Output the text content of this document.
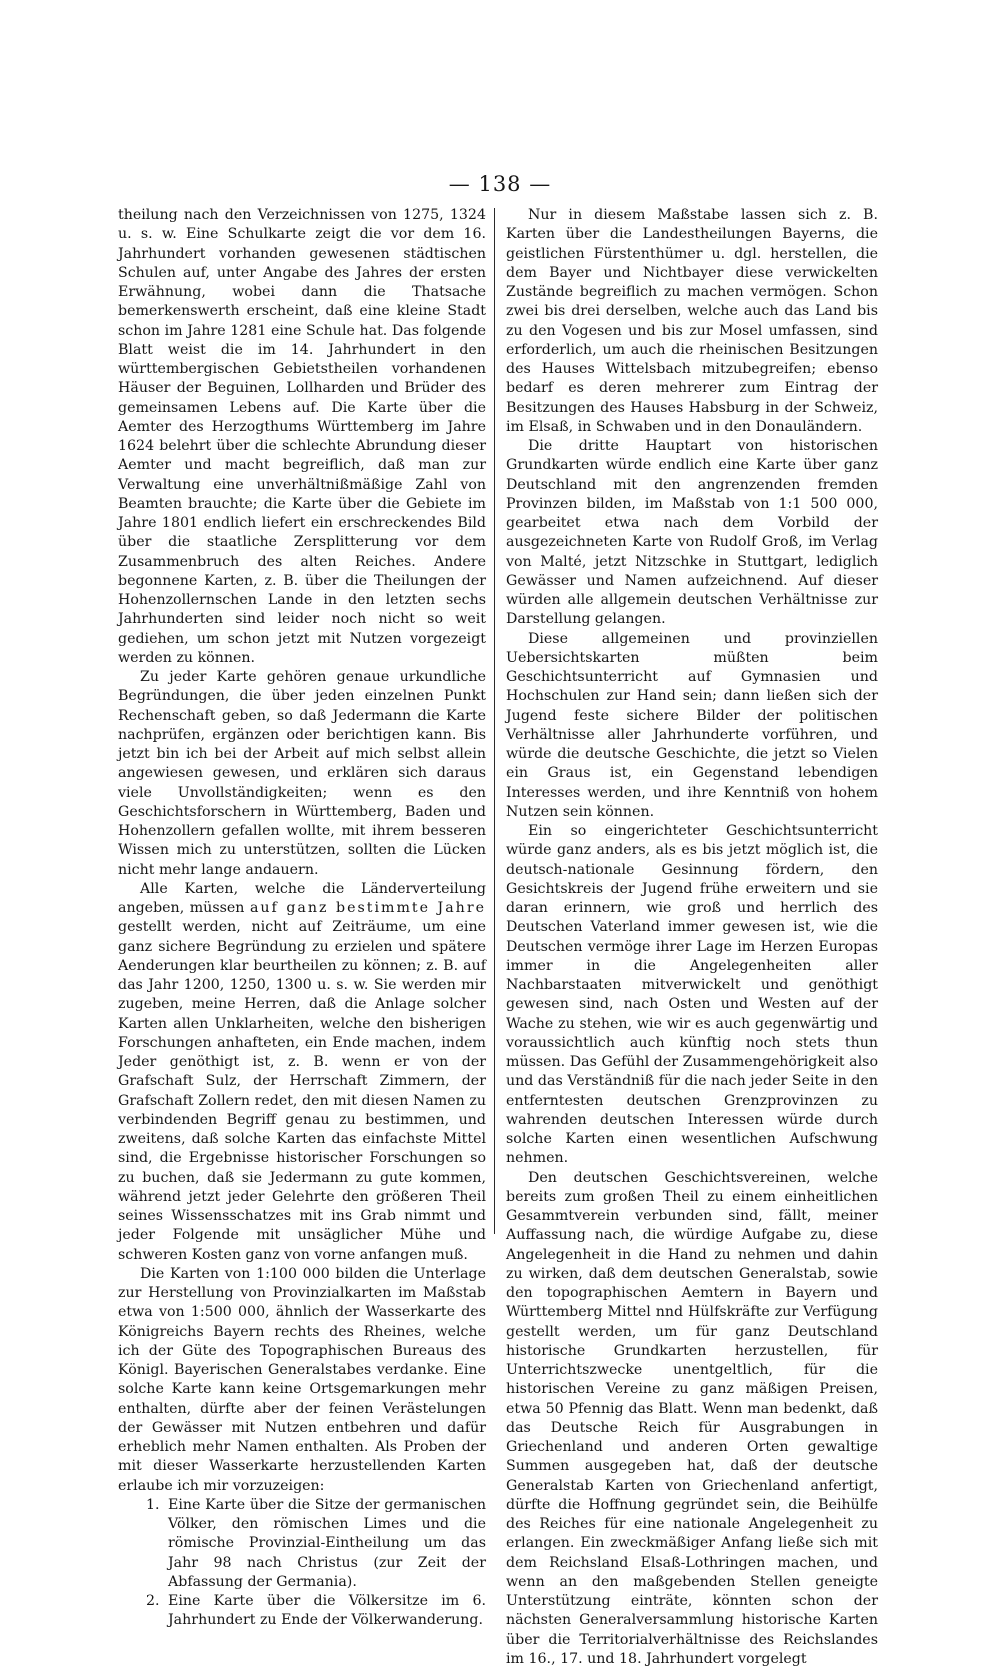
— 138 —

theilung nach den Verzeichnissen von 1275, 1324 u. s. w. Eine Schulkarte zeigt die vor dem 16. Jahrhundert vorhanden gewesenen städtischen Schulen auf, unter Angabe des Jahres der ersten Erwähnung, wobei dann die Thatsache bemerkenswerth erscheint, daß eine kleine Stadt schon im Jahre 1281 eine Schule hat. Das folgende Blatt weist die im 14. Jahrhundert in den württembergischen Gebietstheilen vorhandenen Häuser der Beguinen, Lollharden und Brüder des gemeinsamen Lebens auf. Die Karte über die Aemter des Herzogthums Württemberg im Jahre 1624 belehrt über die schlechte Abrundung dieser Aemter und macht begreiflich, daß man zur Verwaltung eine unverhältnißmäßige Zahl von Beamten brauchte; die Karte über die Gebiete im Jahre 1801 endlich liefert ein erschreckendes Bild über die staatliche Zersplitterung vor dem Zusammenbruch des alten Reiches. Andere begonnene Karten, z. B. über die Theilungen der Hohenzollernschen Lande in den letzten sechs Jahrhunderten sind leider noch nicht so weit gediehen, um schon jetzt mit Nutzen vorgezeigt werden zu können.

Zu jeder Karte gehören genaue urkundliche Begründungen, die über jeden einzelnen Punkt Rechenschaft geben, so daß Jedermann die Karte nachprüfen, ergänzen oder berichtigen kann. Bis jetzt bin ich bei der Arbeit auf mich selbst allein angewiesen gewesen, und erklären sich daraus viele Unvollständigkeiten; wenn es den Geschichtsforschern in Württemberg, Baden und Hohenzollern gefallen wollte, mit ihrem besseren Wissen mich zu unterstützen, sollten die Lücken nicht mehr lange andauern.

Alle Karten, welche die Länderverteilung angeben, müssen auf ganz bestimmte Jahre gestellt werden, nicht auf Zeiträume, um eine ganz sichere Begründung zu erzielen und spätere Aenderungen klar beurtheilen zu können; z. B. auf das Jahr 1200, 1250, 1300 u. s. w. Sie werden mir zugeben, meine Herren, daß die Anlage solcher Karten allen Unklarheiten, welche den bisherigen Forschungen anhafteten, ein Ende machen, indem Jeder genöthigt ist, z. B. wenn er von der Grafschaft Sulz, der Herrschaft Zimmern, der Grafschaft Zollern redet, den mit diesen Namen zu verbindenden Begriff genau zu bestimmen, und zweitens, daß solche Karten das einfachste Mittel sind, die Ergebnisse historischer Forschungen so zu buchen, daß sie Jedermann zu gute kommen, während jetzt jeder Gelehrte den größeren Theil seines Wissensschatzes mit ins Grab nimmt und jeder Folgende mit unsäglicher Mühe und schweren Kosten ganz von vorne anfangen muß.

Die Karten von 1:100 000 bilden die Unterlage zur Herstellung von Provinzialkarten im Maßstab etwa von 1:500 000, ähnlich der Wasserkarte des Königreichs Bayern rechts des Rheines, welche ich der Güte des Topographischen Bureaus des Königl. Bayerischen Generalstabes verdanke. Eine solche Karte kann keine Ortsgemarkungen mehr enthalten, dürfte aber der feinen Verästelungen der Gewässer mit Nutzen entbehren und dafür erheblich mehr Namen enthalten. Als Proben der mit dieser Wasserkarte herzustellenden Karten erlaube ich mir vorzuzeigen:

1. Eine Karte über die Sitze der germanischen Völker, den römischen Limes und die römische Provinzial-Eintheilung um das Jahr 98 nach Christus (zur Zeit der Abfassung der Germania).
2. Eine Karte über die Völkersitze im 6. Jahrhundert zu Ende der Völkerwanderung.

Nur in diesem Maßstabe lassen sich z. B. Karten über die Landestheilungen Bayerns, die geistlichen Fürstenthümer u. dgl. herstellen, die dem Bayer und Nichtbayer diese verwickelten Zustände begreiflich zu machen vermögen. Schon zwei bis drei derselben, welche auch das Land bis zu den Vogesen und bis zur Mosel umfassen, sind erforderlich, um auch die rheinischen Besitzungen des Hauses Wittelsbach mitzubegreifen; ebenso bedarf es deren mehrerer zum Eintrag der Besitzungen des Hauses Habsburg in der Schweiz, im Elsaß, in Schwaben und in den Donauländern.

Die dritte Hauptart von historischen Grundkarten würde endlich eine Karte über ganz Deutschland mit den angrenzenden fremden Provinzen bilden, im Maßstab von 1:1 500 000, gearbeitet etwa nach dem Vorbild der ausgezeichneten Karte von Rudolf Groß, im Verlag von Malté, jetzt Nitzschke in Stuttgart, lediglich Gewässer und Namen aufzeichnend. Auf dieser würden alle allgemein deutschen Verhältnisse zur Darstellung gelangen.

Diese allgemeinen und provinziellen Uebersichtskarten müßten beim Geschichtsunterricht auf Gymnasien und Hochschulen zur Hand sein; dann ließen sich der Jugend feste sichere Bilder der politischen Verhältnisse aller Jahrhunderte vorführen, und würde die deutsche Geschichte, die jetzt so Vielen ein Graus ist, ein Gegenstand lebendigen Interesses werden, und ihre Kenntniß von hohem Nutzen sein können.

Ein so eingerichteter Geschichtsunterricht würde ganz anders, als es bis jetzt möglich ist, die deutsch-nationale Gesinnung fördern, den Gesichtskreis der Jugend frühe erweitern und sie daran erinnern, wie groß und herrlich des Deutschen Vaterland immer gewesen ist, wie die Deutschen vermöge ihrer Lage im Herzen Europas immer in die Angelegenheiten aller Nachbarstaaten mitverwickelt und genöthigt gewesen sind, nach Osten und Westen auf der Wache zu stehen, wie wir es auch gegenwärtig und voraussichtlich auch künftig noch stets thun müssen. Das Gefühl der Zusammengehörigkeit also und das Verständniß für die nach jeder Seite in den entferntesten deutschen Grenzprovinzen zu wahrenden deutschen Interessen würde durch solche Karten einen wesentlichen Aufschwung nehmen.

Den deutschen Geschichtsvereinen, welche bereits zum großen Theil zu einem einheitlichen Gesammtverein verbunden sind, fällt, meiner Auffassung nach, die würdige Aufgabe zu, diese Angelegenheit in die Hand zu nehmen und dahin zu wirken, daß dem deutschen Generalstab, sowie den topographischen Aemtern in Bayern und Württemberg Mittel nnd Hülfskräfte zur Verfügung gestellt werden, um für ganz Deutschland historische Grundkarten herzustellen, für Unterrichtszwecke unentgeltlich, für die historischen Vereine zu ganz mäßigen Preisen, etwa 50 Pfennig das Blatt. Wenn man bedenkt, daß das Deutsche Reich für Ausgrabungen in Griechenland und anderen Orten gewaltige Summen ausgegeben hat, daß der deutsche Generalstab Karten von Griechenland anfertigt, dürfte die Hoffnung gegründet sein, die Beihülfe des Reiches für eine nationale Angelegenheit zu erlangen. Ein zweckmäßiger Anfang ließe sich mit dem Reichsland Elsaß-Lothringen machen, und wenn an den maßgebenden Stellen geneigte Unterstützung einträte, könnten schon der nächsten Generalversammlung historische Karten über die Territorialverhältnisse des Reichslandes im 16., 17. und 18. Jahrhundert vorgelegt
